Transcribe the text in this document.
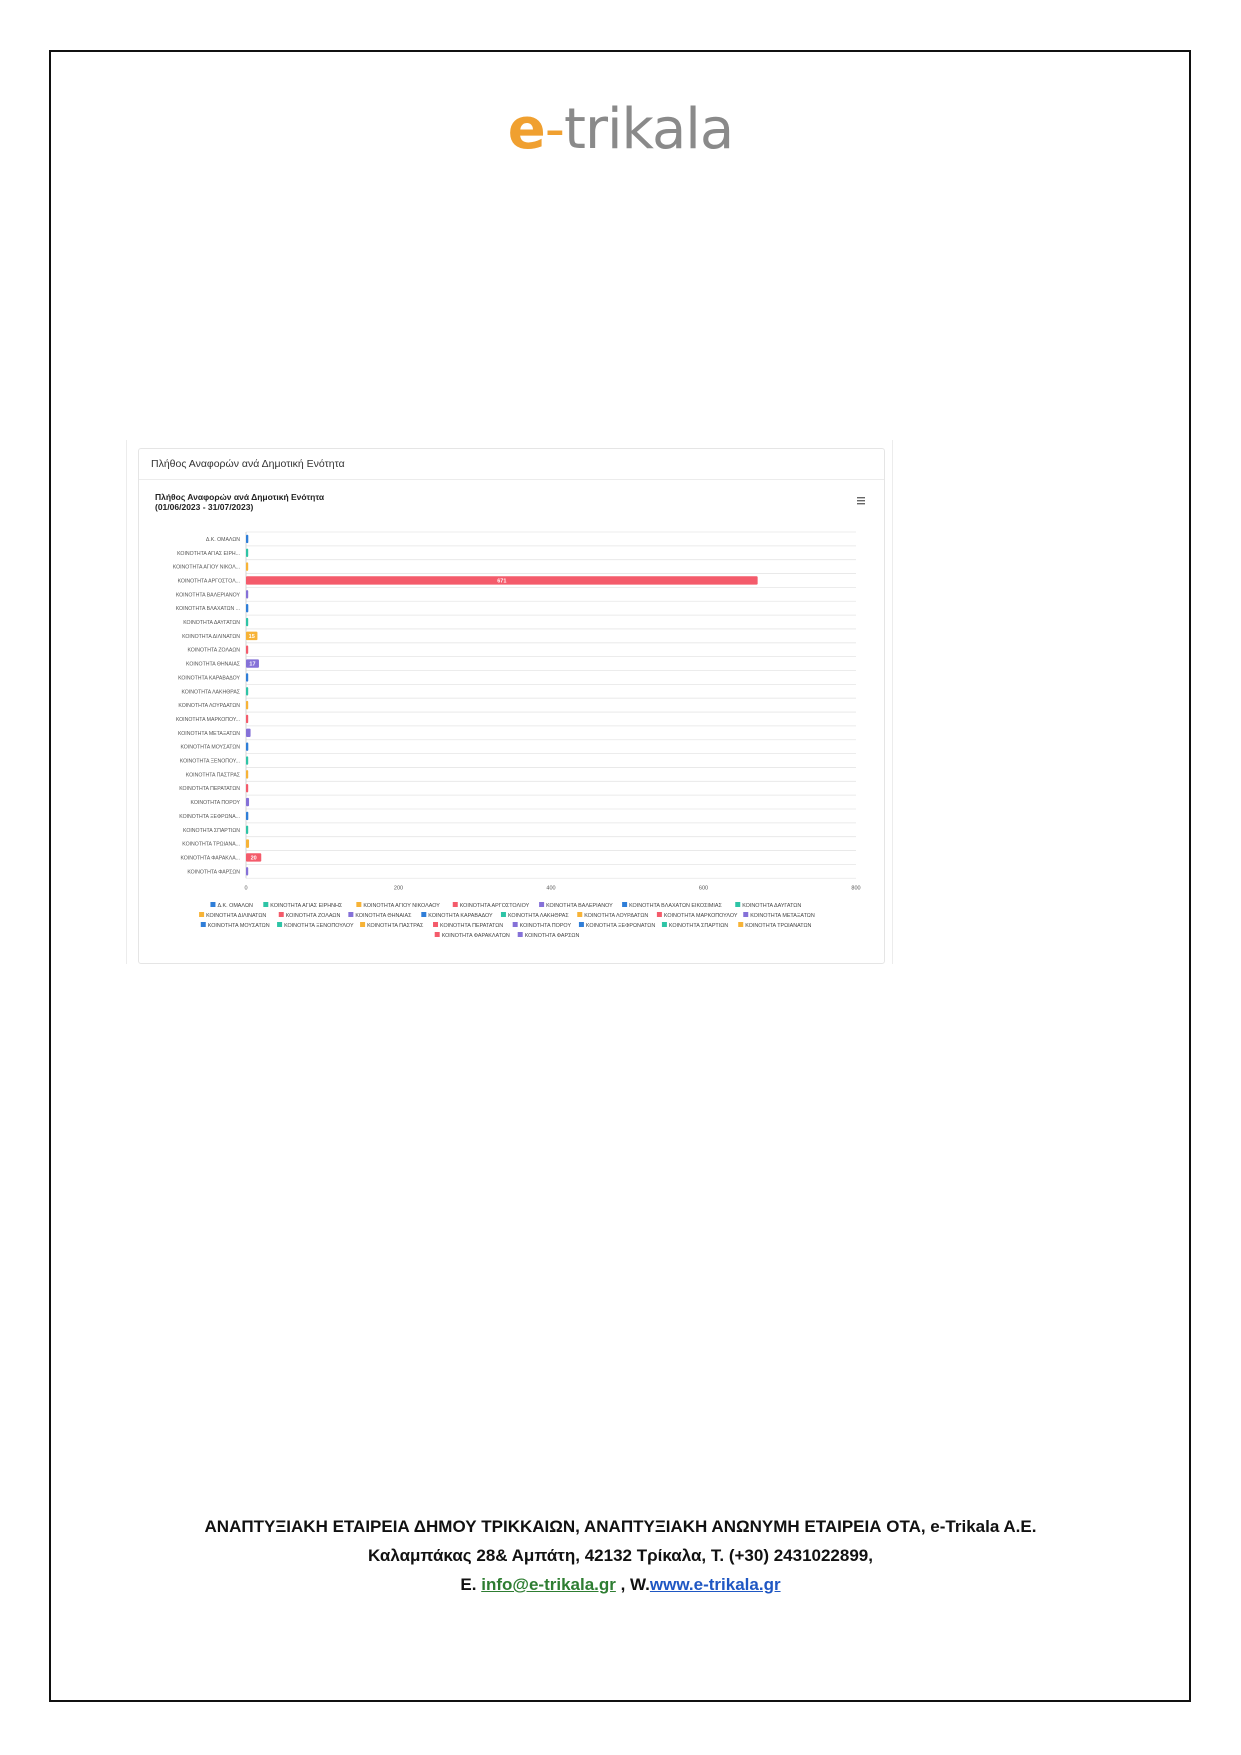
e-trikala
Πλήθος Αναφορών ανά Δημοτική Ενότητα
Πλήθος Αναφορών ανά Δημοτική Ενότητα
(01/06/2023 - 31/07/2023)
Δ.Κ. ΟΜΑΛΩΝ
ΚΟΙΝΟΤΗΤΑ ΑΓΙΑΣ ΕΙΡΗ...
ΚΟΙΝΟΤΗΤΑ ΑΓΙΟΥ ΝΙΚΟΛ...
ΚΟΙΝΟΤΗΤΑ ΑΡΓΟΣΤΟΛ...	671
ΚΟΙΝΟΤΗΤΑ ΒΑΛΕΡΙΑΝΟΥ
ΚΟΙΝΟΤΗΤΑ ΒΛΑΧΑΤΩΝ ...
ΚΟΙΝΟΤΗΤΑ ΔΑΥΓΑΤΩΝ
ΚΟΙΝΟΤΗΤΑ ΔΙΛΙΝΑΤΩΝ 15
ΚΟΙΝΟΤΗΤΑ ΖΟΛΑΩΝ
ΚΟΙΝΟΤΗΤΑ ΘΗΝΑΙΑΣ 17
ΚΟΙΝΟΤΗΤΑ ΚΑΡΑΒΑΔΟΥ
ΚΟΙΝΟΤΗΤΑ ΛΑΚΗΘΡΑΣ
ΚΟΙΝΟΤΗΤΑ ΛΟΥΡΔΑΤΩΝ
ΚΟΙΝΟΤΗΤΑ ΜΑΡΚΟΠΟΥ...
ΚΟΙΝΟΤΗΤΑ ΜΕΤΑΞΑΤΩΝ
ΚΟΙΝΟΤΗΤΑ ΜΟΥΣΑΤΩΝ
ΚΟΙΝΟΤΗΤΑ ΞΕΝΟΠΟΥ...
ΚΟΙΝΟΤΗΤΑ ΠΑΣΤΡΑΣ
ΚΟΙΝΟΤΗΤΑ ΠΕΡΑΤΑΤΩΝ
ΚΟΙΝΟΤΗΤΑ ΠΟΡΟΥ
ΚΟΙΝΟΤΗΤΑ ΞΕΦΡΩΝΑ...
ΚΟΙΝΟΤΗΤΑ ΣΠΑΡΤΙΩΝ
ΚΟΙΝΟΤΗΤΑ ΤΡΩΙΑΝΑ...
ΚΟΙΝΟΤΗΤΑ ΦΑΡΑΚΛΑ... 20
ΚΟΙΝΟΤΗΤΑ ΦΑΡΣΩΝ
0	200	400	600	800
Δ.Κ. ΟΜΑΛΩΝ	ΚΟΙΝΟΤΗΤΑ ΑΓΙΑΣ ΕΙΡΗΝΗΣ	ΚΟΙΝΟΤΗΤΑ ΑΓΙΟΥ ΝΙΚΟΛΑΟΥ	ΚΟΙΝΟΤΗΤΑ ΑΡΓΟΣΤΟΛΙΟΥ	ΚΟΙΝΟΤΗΤΑ ΒΑΛΕΡΙΑΝΟΥ	ΚΟΙΝΟΤΗΤΑ ΒΛΑΧΑΤΩΝ ΕΙΚΟΣΙΜΙΑΣ	ΚΟΙΝΟΤΗΤΑ ΔΑΥΓΑΤΩΝ
ΚΟΙΝΟΤΗΤΑ ΔΙΛΙΝΑΤΩΝ	ΚΟΙΝΟΤΗΤΑ ΖΟΛΑΩΝ	ΚΟΙΝΟΤΗΤΑ ΘΗΝΑΙΑΣ	ΚΟΙΝΟΤΗΤΑ ΚΑΡΑΒΑΔΟΥ	ΚΟΙΝΟΤΗΤΑ ΛΑΚΗΘΡΑΣ	ΚΟΙΝΟΤΗΤΑ ΛΟΥΡΔΑΤΩΝ	ΚΟΙΝΟΤΗΤΑ ΜΑΡΚΟΠΟΥΛΟΥ ΚΟΙΝΟΤΗΤΑ ΜΕΤΑΞΑΤΩΝ
ΚΟΙΝΟΤΗΤΑ ΜΟΥΣΑΤΩΝ	ΚΟΙΝΟΤΗΤΑ ΞΕΝΟΠΟΥΛΟΥ	ΚΟΙΝΟΤΗΤΑ ΠΑΣΤΡΑΣ	ΚΟΙΝΟΤΗΤΑ ΠΕΡΑΤΑΤΩΝ	ΚΟΙΝΟΤΗΤΑ ΠΟΡΟΥ	ΚΟΙΝΟΤΗΤΑ ΞΕΦΡΩΝΑΤΩΝ	ΚΟΙΝΟΤΗΤΑ ΣΠΑΡΤΙΩΝ	ΚΟΙΝΟΤΗΤΑ ΤΡΩΙΑΝΑΤΩΝ
ΚΟΙΝΟΤΗΤΑ ΦΑΡΑΚΛΑΤΩΝ	ΚΟΙΝΟΤΗΤΑ ΦΑΡΣΩΝ
ΑΝΑΠΤΥΞΙΑΚΗ ΕΤΑΙΡΕΙΑ ΔΗΜΟΥ ΤΡΙΚΚΑΙΩΝ, ΑΝΑΠΤΥΞΙΑΚΗ ΑΝΩΝΥΜΗ ΕΤΑΙΡΕΙΑ ΟΤΑ, e-Trikala A.E.
Καλαμπάκας 28& Αμπάτη, 42132 Τρίκαλα, Τ. (+30) 2431022899,
Ε. info@e-trikala.gr , W.www.e-trikala.gr
